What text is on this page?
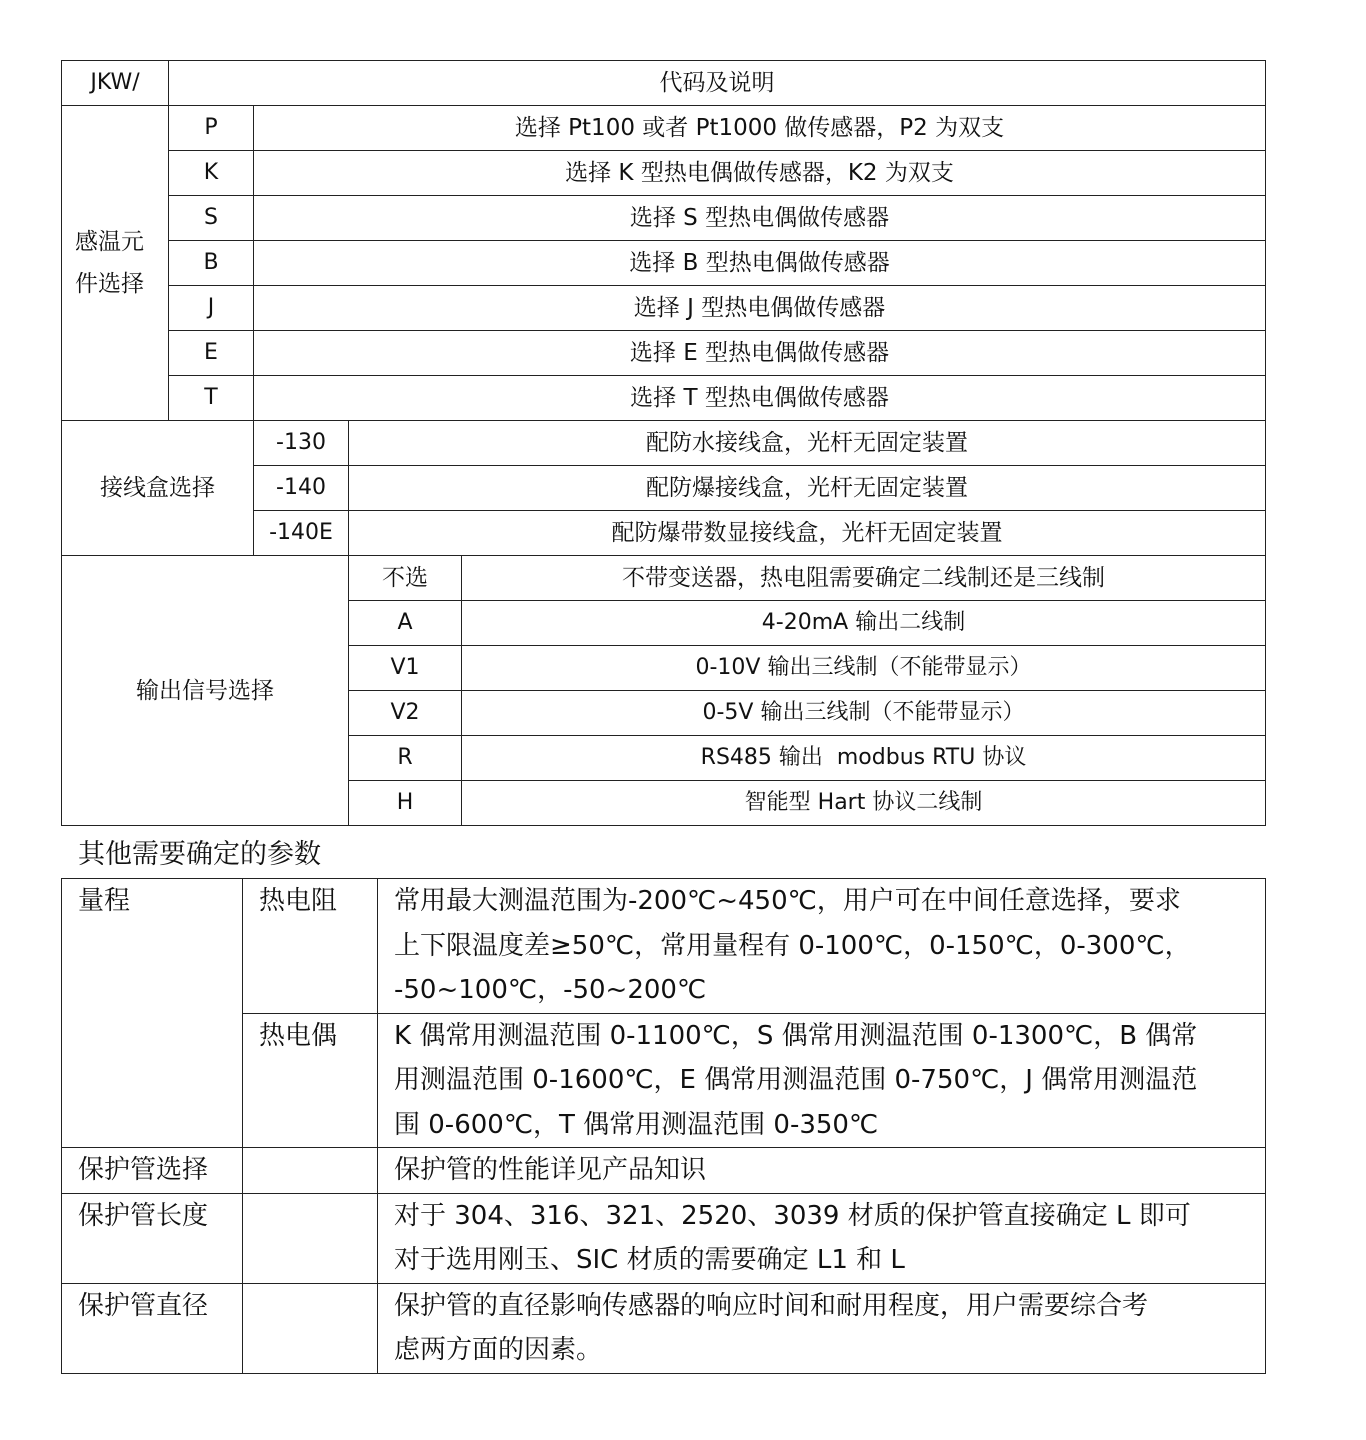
JKW/	代码及说明			
感温元件选择	P	选择 Pt100 或者 Pt1000 做传感器，P2 为双支		
	K	选择 K 型热电偶做传感器，K2 为双支		
	S	选择 S 型热电偶做传感器		
	B	选择 B 型热电偶做传感器		
	J	选择 J 型热电偶做传感器		
	E	选择 E 型热电偶做传感器		
	T	选择 T 型热电偶做传感器		
接线盒选择		-130	配防水接线盒，光杆无固定装置	
		-140	配防爆接线盒，光杆无固定装置	
		-140E	配防爆带数显接线盒，光杆无固定装置	
输出信号选择			不选	不带变送器，热电阻需要确定二线制还是三线制
			A	4-20mA 输出二线制
			V1	0-10V 输出三线制（不能带显示）
			V2	0-5V 输出三线制（不能带显示）
			R	RS485 输出  modbus RTU 协议
			H	智能型 Hart 协议二线制
其他需要确定的参数
量程	热电阻	常用最大测温范围为-200℃~450℃，用户可在中间任意选择，要求
上下限温度差≥50℃，常用量程有 0-100℃，0-150℃，0-300℃，
-50~100℃，-50~200℃

	热电偶	K 偶常用测温范围 0-1100℃，S 偶常用测温范围 0-1300℃，B 偶常
用测温范围 0-1600℃，E 偶常用测温范围 0-750℃，J 偶常用测温范
围 0-600℃，T 偶常用测温范围 0-350℃

保护管选择		保护管的性能详见产品知识

保护管长度		对于 304、316、321、2520、3039 材质的保护管直接确定 L 即可
对于选用刚玉、SIC 材质的需要确定 L1 和 L

保护管直径		保护管的直径影响传感器的响应时间和耐用程度，用户需要综合考
虑两方面的因素。
